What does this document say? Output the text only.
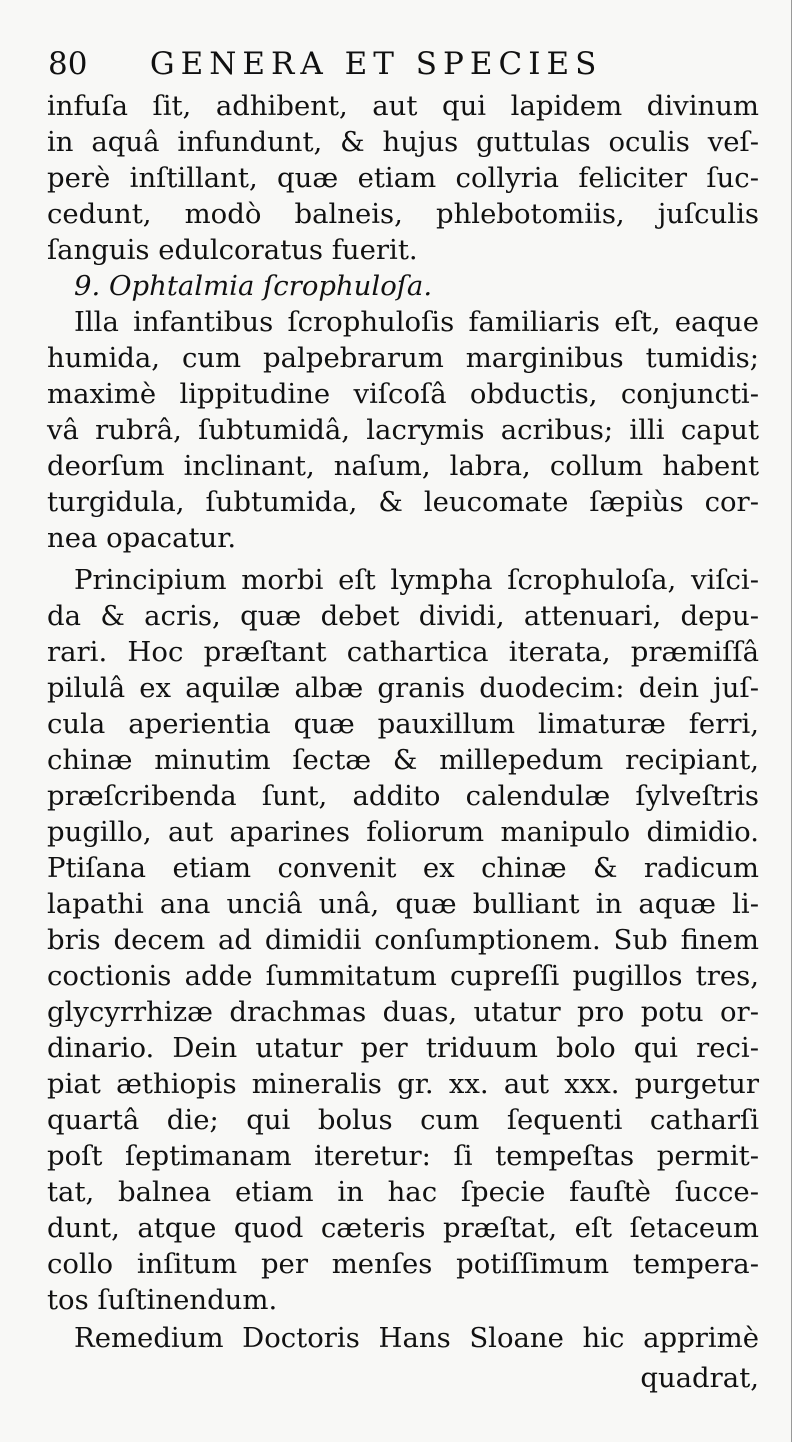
80 GENERA ET SPECIES
infuſa ſit, adhibent, aut qui lapidem divinum
in aquâ infundunt, & hujus guttulas oculis veſ-
perè inſtillant, quæ etiam collyria feliciter ſuc-
cedunt, modò balneis, phlebotomiis, juſculis
ſanguis edulcoratus fuerit.
9. Ophtalmia ſcrophuloſa.
Illa infantibus ſcrophuloſis familiaris eſt, eaque
humida, cum palpebrarum marginibus tumidis;
maximè lippitudine viſcoſâ obductis, conjuncti-
vâ rubrâ, ſubtumidâ, lacrymis acribus; illi caput
deorſum inclinant, naſum, labra, collum habent
turgidula, ſubtumida, & leucomate ſæpiùs cor-
nea opacatur.
Principium morbi eſt lympha ſcrophuloſa, viſci-
da & acris, quæ debet dividi, attenuari, depu-
rari. Hoc præſtant cathartica iterata, præmiſſâ
pilulâ ex aquilæ albæ granis duodecim: dein juſ-
cula aperientia quæ pauxillum limaturæ ferri,
chinæ minutim ſectæ & millepedum recipiant,
præſcribenda ſunt, addito calendulæ ſylveſtris
pugillo, aut aparines foliorum manipulo dimidio.
Ptiſana etiam convenit ex chinæ & radicum
lapathi ana unciâ unâ, quæ bulliant in aquæ li-
bris decem ad dimidii conſumptionem. Sub finem
coctionis adde ſummitatum cupreſſi pugillos tres,
glycyrrhizæ drachmas duas, utatur pro potu or-
dinario. Dein utatur per triduum bolo qui reci-
piat æthiopis mineralis gr. xx. aut xxx. purgetur
quartâ die; qui bolus cum ſequenti catharſi
poſt ſeptimanam iteretur: ſi tempeſtas permit-
tat, balnea etiam in hac ſpecie fauſtè ſucce-
dunt, atque quod cæteris præſtat, eſt ſetaceum
collo inſitum per menſes potiſſimum tempera-
tos ſuſtinendum.
Remedium Doctoris Hans Sloane hic apprimè
quadrat,
